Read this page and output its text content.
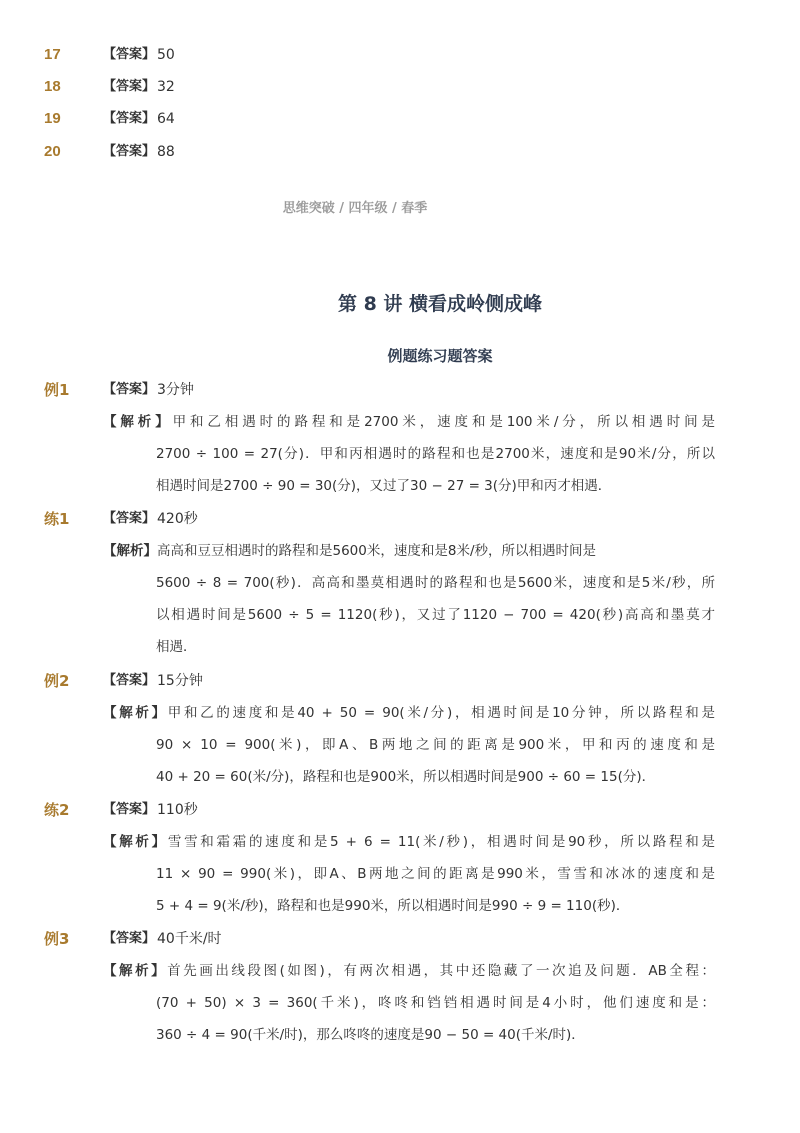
17	【答案】 50
18	【答案】 32
19	【答案】 64
20	【答案】 88
思维突破 / 四年级 / 春季
第 8 讲 横看成岭侧成峰
例题练习题答案
例1	【答案】 3分钟
【解析】甲和乙相遇时的路程和是2700米，速度和是100米/分，所以相遇时间是
2700 ÷ 100 = 27(分)．甲和丙相遇时的路程和也是2700米，速度和是90米/分，所以
相遇时间是2700 ÷ 90 = 30(分)，又过了30 − 27 = 3(分)甲和丙才相遇．
练1	【答案】 420秒
【解析】高高和豆豆相遇时的路程和是5600米，速度和是8米/秒，所以相遇时间是
5600 ÷ 8 = 700(秒)．高高和墨莫相遇时的路程和也是5600米，速度和是5米/秒，所
以相遇时间是5600 ÷ 5 = 1120(秒)，又过了1120 − 700 = 420(秒)高高和墨莫才
相遇．
例2	【答案】 15分钟
【解析】甲和乙的速度和是40 + 50 = 90(米/分)，相遇时间是10分钟，所以路程和是
90 × 10 = 900(米)，即A、B两地之间的距离是900米，甲和丙的速度和是
40 + 20 = 60(米/分)，路程和也是900米，所以相遇时间是900 ÷ 60 = 15(分)．
练2	【答案】 110秒
【解析】雪雪和霜霜的速度和是5 + 6 = 11(米/秒)，相遇时间是90秒，所以路程和是
11 × 90 = 990(米)，即A、B两地之间的距离是990米，雪雪和冰冰的速度和是
5 + 4 = 9(米/秒)，路程和也是990米，所以相遇时间是990 ÷ 9 = 110(秒)．
例3	【答案】 40千米/时
【解析】首先画出线段图(如图)，有两次相遇，其中还隐藏了一次追及问题．AB全程：
(70 + 50) × 3 = 360(千米)，咚咚和铛铛相遇时间是4小时，他们速度和是：
360 ÷ 4 = 90(千米/时)，那么咚咚的速度是90 − 50 = 40(千米/时)．
